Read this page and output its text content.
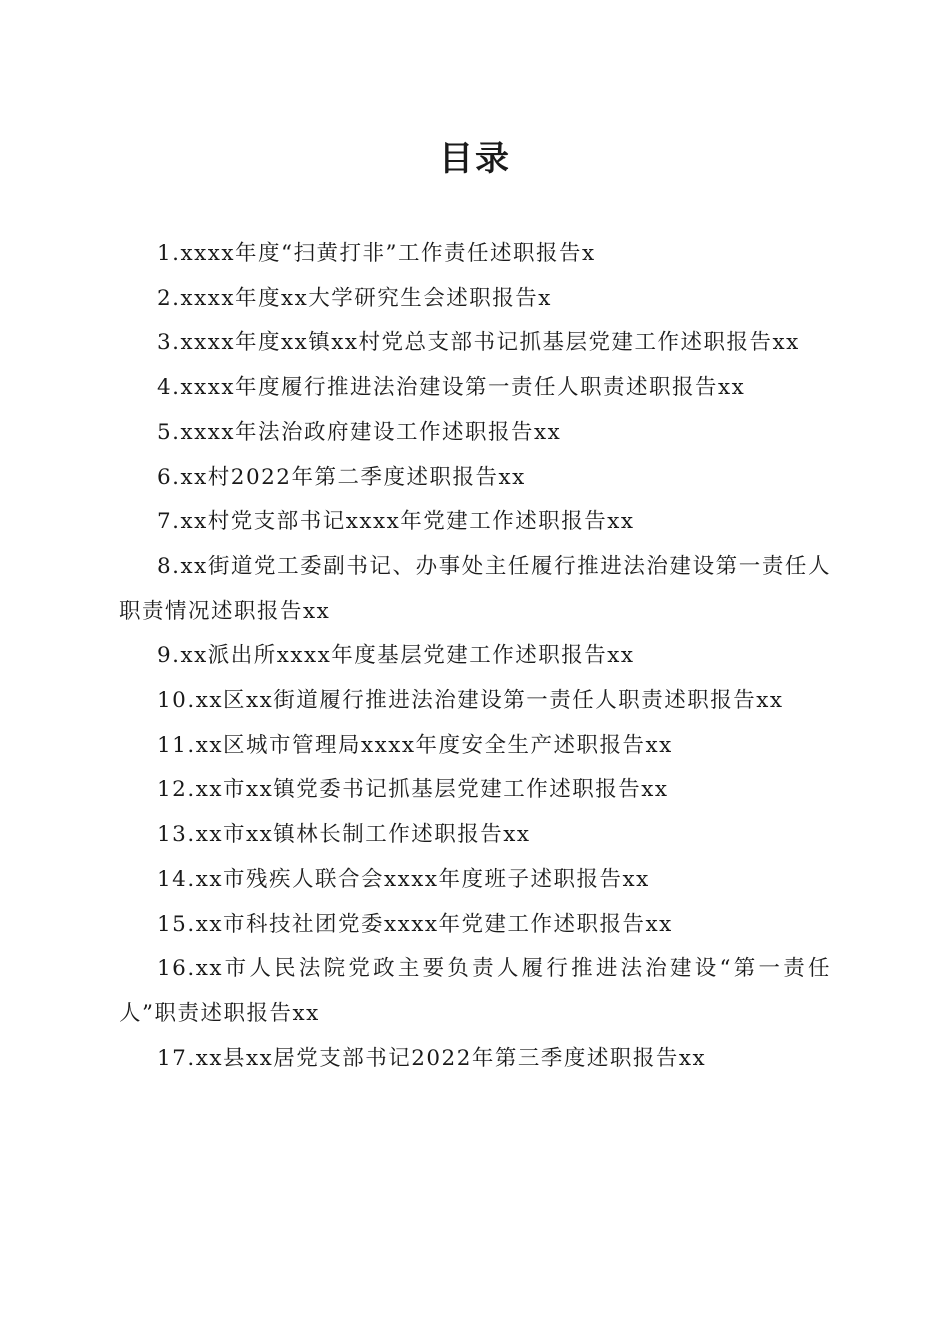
目录
1.xxxx年度“扫黄打非”工作责任述职报告x
2.xxxx年度xx大学研究生会述职报告x
3.xxxx年度xx镇xx村党总支部书记抓基层党建工作述职报告xx
4.xxxx年度履行推进法治建设第一责任人职责述职报告xx
5.xxxx年法治政府建设工作述职报告xx
6.xx村2022年第二季度述职报告xx
7.xx村党支部书记xxxx年党建工作述职报告xx
8.xx街道党工委副书记、办事处主任履行推进法治建设第一责任人职责情况述职报告xx
9.xx派出所xxxx年度基层党建工作述职报告xx
10.xx区xx街道履行推进法治建设第一责任人职责述职报告xx
11.xx区城市管理局xxxx年度安全生产述职报告xx
12.xx市xx镇党委书记抓基层党建工作述职报告xx
13.xx市xx镇林长制工作述职报告xx
14.xx市残疾人联合会xxxx年度班子述职报告xx
15.xx市科技社团党委xxxx年党建工作述职报告xx
16.xx市人民法院党政主要负责人履行推进法治建设“第一责任人”职责述职报告xx
17.xx县xx居党支部书记2022年第三季度述职报告xx
